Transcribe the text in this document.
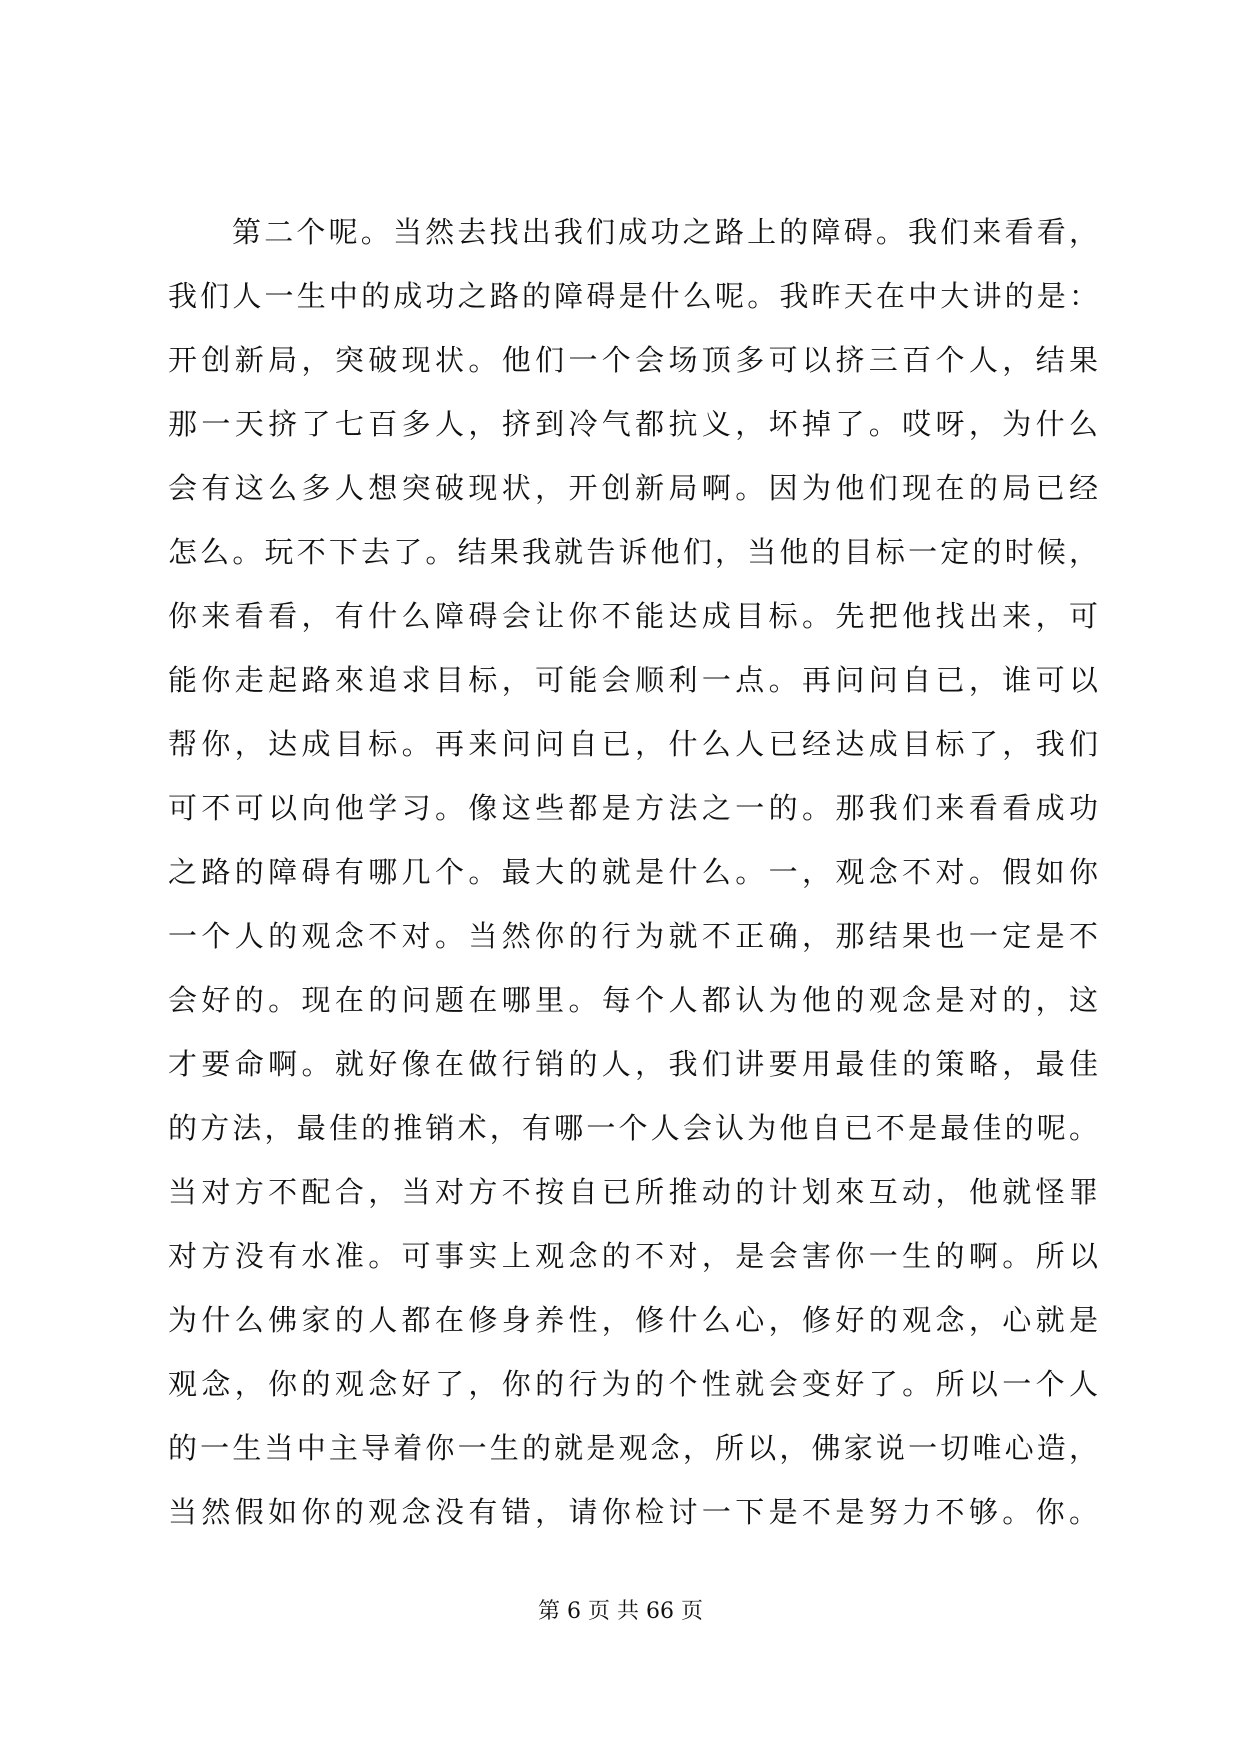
第二个呢。当然去找出我们成功之路上的障碍。我们来看看，
我们人一生中的成功之路的障碍是什么呢。我昨天在中大讲的是：
开创新局，突破现状。他们一个会场顶多可以挤三百个人，结果
那一天挤了七百多人，挤到冷气都抗义，坏掉了。哎呀，为什么
会有这么多人想突破现状，开创新局啊。因为他们现在的局已经
怎么。玩不下去了。结果我就告诉他们，当他的目标一定的时候，
你来看看，有什么障碍会让你不能达成目标。先把他找出来，可
能你走起路來追求目标，可能会顺利一点。再问问自已，谁可以
帮你，达成目标。再来问问自已，什么人已经达成目标了，我们
可不可以向他学习。像这些都是方法之一的。那我们来看看成功
之路的障碍有哪几个。最大的就是什么。一，观念不对。假如你
一个人的观念不对。当然你的行为就不正确，那结果也一定是不
会好的。现在的问题在哪里。每个人都认为他的观念是对的，这
才要命啊。就好像在做行销的人，我们讲要用最佳的策略，最佳
的方法，最佳的推销术，有哪一个人会认为他自已不是最佳的呢。
当对方不配合，当对方不按自已所推动的计划來互动，他就怪罪
对方没有水准。可事实上观念的不对，是会害你一生的啊。所以
为什么佛家的人都在修身养性，修什么心，修好的观念，心就是
观念，你的观念好了，你的行为的个性就会变好了。所以一个人
的一生当中主导着你一生的就是观念，所以，佛家说一切唯心造，
当然假如你的观念没有错，请你检讨一下是不是努力不够。你。
第 6 页 共 66 页
